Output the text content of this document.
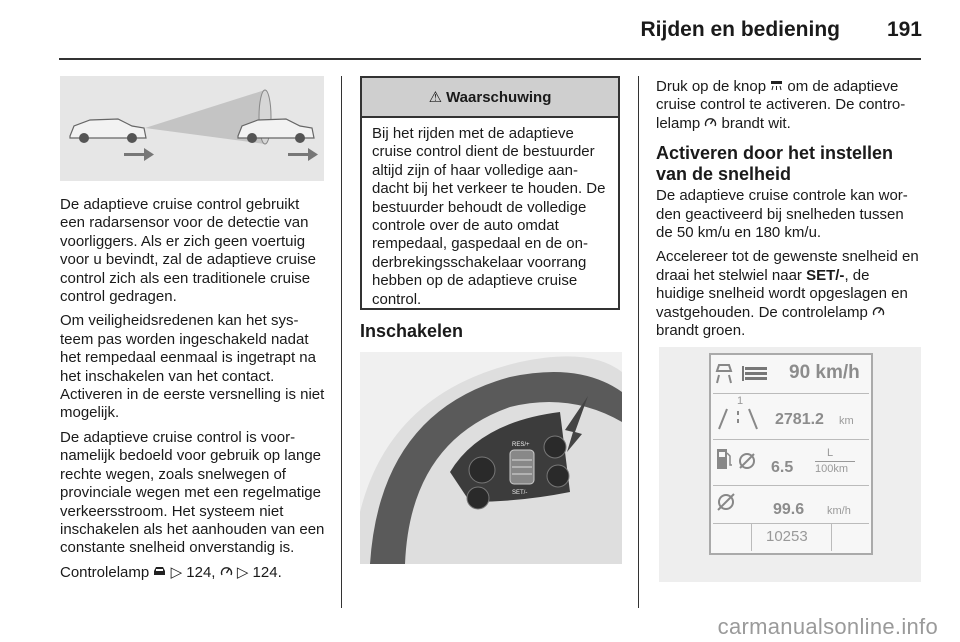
Rijden en bediening 191

De adaptieve cruise control gebruikt een radarsensor voor de detectie van voorliggers. Als er zich geen voertuig voor u bevindt, zal de adaptieve cruise control zich als een traditionele cruise control gedragen.

Om veiligheidsredenen kan het systeem pas worden ingeschakeld nadat het rempedaal eenmaal is ingetrapt na het inschakelen van het contact. Activeren in de eerste versnelling is niet mogelijk.

De adaptieve cruise control is voornamelijk bedoeld voor gebruik op lange rechte wegen, zoals snelwegen of provinciale wegen met een regelmatige verkeersstroom. Het systeem niet inschakelen als het aanhouden van een constante snelheid onverstandig is.

Controlelamp ▷ 124, ▷ 124.

⚠ Waarschuwing
Bij het rijden met de adaptieve cruise control dient de bestuurder altijd zijn of haar volledige aandacht bij het verkeer te houden. De bestuurder behoudt de volledige controle over de auto omdat rempedaal, gaspedaal en de onderbrekingsschakelaar voorrang hebben op de adaptieve cruise control.
Inschakelen
RES/+
SET/-

Druk op de knop om de adaptieve cruise control te activeren. De controlelamp brandt wit.

Activeren door het instellen van de snelheid

De adaptieve cruise controle kan worden geactiveerd bij snelheden tussen de 50 km/u en 180 km/u.

Accelereer tot de gewenste snelheid en draai het stelwiel naar SET/-, de huidige snelheid wordt opgeslagen en vastgehouden. De controlelamp  brandt groen.

90 km/h
1
2781.2 km
6.5
L
100km
99.6 km/h
10253
carmanualsonline.info
